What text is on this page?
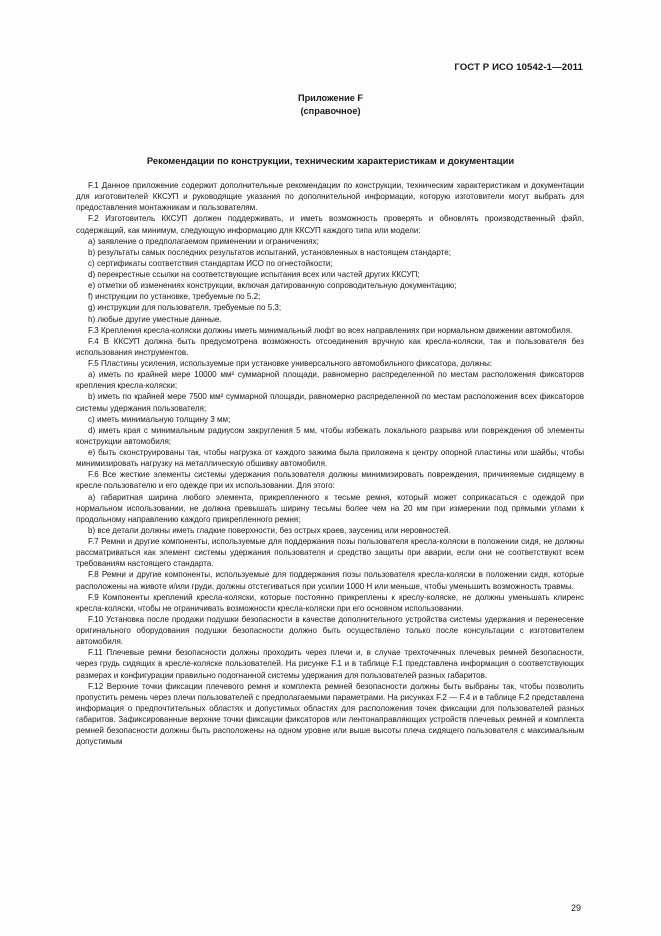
ГОСТ Р ИСО 10542-1—2011
Приложение F
(справочное)
Рекомендации по конструкции, техническим характеристикам и документации

F.1 Данное приложение содержит дополнительные рекомендации по конструкции, техническим характеристикам и документации для изготовителей ККСУП и руководящие указания по дополнительной информации, которую изготовители могут выбрать для предоставления монтажникам и пользователям.

F.2 Изготовитель ККСУП должен поддерживать, и иметь возможность проверять и обновлять производственный файл, содержащий, как минимум, следующую информацию для ККСУП каждого типа или модели:

a) заявление о предполагаемом применении и ограничениях;

b) результаты самых последних результатов испытаний, установленных в настоящем стандарте;

c) сертификаты соответствия стандартам ИСО по огнестойкости;

d) перекрестные ссылки на соответствующие испытания всех или частей других ККСУП;

e) отметки об изменениях конструкции, включая датированную сопроводительную документацию;

f) инструкции по установке, требуемые по 5.2;

g) инструкции для пользователя, требуемые по 5.3;

h) любые другие уместные данные.

F.3 Крепления кресла-коляски должны иметь минимальный люфт во всех направлениях при нормальном движении автомобиля.

F.4 В ККСУП должна быть предусмотрена возможность отсоединения вручную как кресла-коляски, так и пользователя без использования инструментов.

F.5 Пластины усиления, используемые при установке универсального автомобильного фиксатора, должны:

a) иметь по крайней мере 10000 мм² суммарной площади, равномерно распределенной по местам расположения фиксаторов крепления кресла-коляски;

b) иметь по крайней мере 7500 мм² суммарной площади, равномерно распределенной по местам расположения всех фиксаторов системы удержания пользователя;

c) иметь минимальную толщину 3 мм;

d) иметь края с минимальным радиусом закругления 5 мм, чтобы избежать локального разрыва или повреждения об элементы конструкции автомобиля;

e) быть сконструированы так, чтобы нагрузка от каждого зажима была приложена к центру опорной пластины или шайбы, чтобы минимизировать нагрузку на металлическую обшивку автомобиля.

F.6 Все жесткие элементы системы удержания пользователя должны минимизировать повреждения, причиняемые сидящему в кресле пользователю и его одежде при их использовании. Для этого:

a) габаритная ширина любого элемента, прикрепленного к тесьме ремня, который может соприкасаться с одеждой при нормальном использовании, не должна превышать ширину тесьмы более чем на 20 мм при измерении под прямыми углами к продольному направлению каждого прикрепленного ремня;

b) все детали должны иметь гладкие поверхности, без острых краев, заусениц или неровностей.

F.7 Ремни и другие компоненты, используемые для поддержания позы пользователя кресла-коляски в положении сидя, не должны рассматриваться как элемент системы удержания пользователя и средство защиты при аварии, если они не соответствуют всем требованиям настоящего стандарта.

F.8 Ремни и другие компоненты, используемые для поддержания позы пользователя кресла-коляски в положении сидя, которые расположены на животе и/или груди, должны отстегиваться при усилии 1000 Н или меньше, чтобы уменьшить возможность травмы.

F.9 Компоненты креплений кресла-коляски, которые постоянно прикреплены к креслу-коляске, не должны уменьшать клиренс кресла-коляски, чтобы не ограничивать возможности кресла-коляски при его основном использовании.

F.10 Установка после продажи подушки безопасности в качестве дополнительного устройства системы удержания и перенесение оригинального оборудования подушки безопасности должно быть осуществлено только после консультации с изготовителем автомобиля.

F.11 Плечевые ремни безопасности должны проходить через плечи и, в случае трехточечных плечевых ремней безопасности, через грудь сидящих в кресле-коляске пользователей. На рисунке F.1 и в таблице F.1 представлена информация о соответствующих размерах и конфигурации правильно подогнанной системы удержания для пользователей разных габаритов.

F.12 Верхние точки фиксации плечевого ремня и комплекта ремней безопасности должны быть выбраны так, чтобы позволить пропустить ремень через плечи пользователей с предполагаемыми параметрами. На рисунках F.2 — F.4 и в таблице F.2 представлена информация о предпочтительных областях и допустимых областях для расположения точек фиксации для пользователей разных габаритов. Зафиксированные верхние точки фиксации фиксаторов или лентонаправляющих устройств плечевых ремней и комплекта ремней безопасности должны быть расположены на одном уровне или выше высоты плеча сидящего пользователя с максимальным допустимым

29
